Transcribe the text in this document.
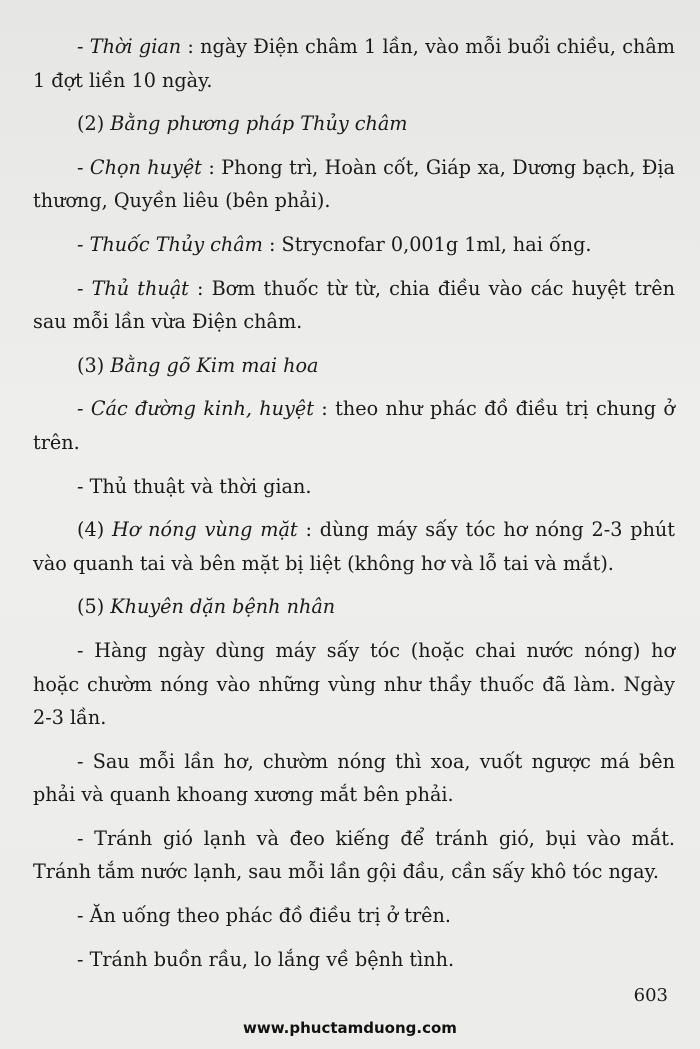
- Thời gian : ngày Điện châm 1 lần, vào mỗi buổi chiều, châm 1 đợt liền 10 ngày.

(2) Bằng phương pháp Thủy châm

- Chọn huyệt : Phong trì, Hoàn cốt, Giáp xa, Dương bạch, Địa thương, Quyền liêu (bên phải).

- Thuốc Thủy châm : Strycnofar 0,001g 1ml, hai ống.

- Thủ thuật : Bơm thuốc từ từ, chia điều vào các huyệt trên sau mỗi lần vừa Điện châm.

(3) Bằng gõ Kim mai hoa

- Các đường kinh, huyệt : theo như phác đồ điều trị chung ở trên.

- Thủ thuật và thời gian.

(4) Hơ nóng vùng mặt : dùng máy sấy tóc hơ nóng 2-3 phút vào quanh tai và bên mặt bị liệt (không hơ và lỗ tai và mắt).

(5) Khuyên dặn bệnh nhân

- Hàng ngày dùng máy sấy tóc (hoặc chai nước nóng) hơ hoặc chườm nóng vào những vùng như thầy thuốc đã làm. Ngày 2-3 lần.

- Sau mỗi lần hơ, chườm nóng thì xoa, vuốt ngược má bên phải và quanh khoang xương mắt bên phải.

- Tránh gió lạnh và đeo kiếng để tránh gió, bụi vào mắt. Tránh tắm nước lạnh, sau mỗi lần gội đầu, cần sấy khô tóc ngay.

- Ăn uống theo phác đồ điều trị ở trên.

- Tránh buồn rầu, lo lắng về bệnh tình.

603
www.phuctamduong.com
